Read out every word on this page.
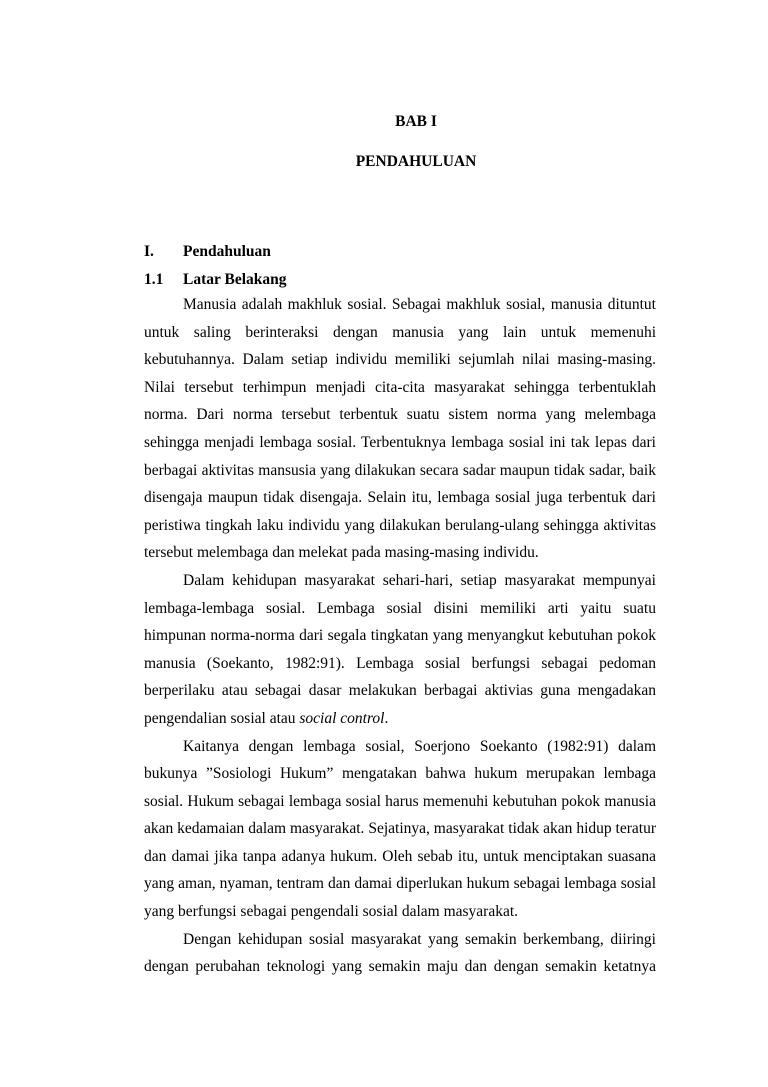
BAB I
PENDAHULUAN
I. Pendahuluan
1.1 Latar Belakang
Manusia adalah makhluk sosial. Sebagai makhluk sosial, manusia dituntut
untuk saling berinteraksi dengan manusia yang lain untuk memenuhi
kebutuhannya. Dalam setiap individu memiliki sejumlah nilai masing-masing.
Nilai tersebut terhimpun menjadi cita-cita masyarakat sehingga terbentuklah
norma. Dari norma tersebut terbentuk suatu sistem norma yang melembaga
sehingga menjadi lembaga sosial. Terbentuknya lembaga sosial ini tak lepas dari
berbagai aktivitas mansusia yang dilakukan secara sadar maupun tidak sadar, baik
disengaja maupun tidak disengaja. Selain itu, lembaga sosial juga terbentuk dari
peristiwa tingkah laku individu yang dilakukan berulang-ulang sehingga aktivitas
tersebut melembaga dan melekat pada masing-masing individu.
Dalam kehidupan masyarakat sehari-hari, setiap masyarakat mempunyai
lembaga-lembaga sosial. Lembaga sosial disini memiliki arti yaitu suatu
himpunan norma-norma dari segala tingkatan yang menyangkut kebutuhan pokok
manusia (Soekanto, 1982:91). Lembaga sosial berfungsi sebagai pedoman
berperilaku atau sebagai dasar melakukan berbagai aktivias guna mengadakan
pengendalian sosial atau social control.
Kaitanya dengan lembaga sosial, Soerjono Soekanto (1982:91) dalam
bukunya ”Sosiologi Hukum” mengatakan bahwa hukum merupakan lembaga
sosial. Hukum sebagai lembaga sosial harus memenuhi kebutuhan pokok manusia
akan kedamaian dalam masyarakat. Sejatinya, masyarakat tidak akan hidup teratur
dan damai jika tanpa adanya hukum. Oleh sebab itu, untuk menciptakan suasana
yang aman, nyaman, tentram dan damai diperlukan hukum sebagai lembaga sosial
yang berfungsi sebagai pengendali sosial dalam masyarakat.
Dengan kehidupan sosial masyarakat yang semakin berkembang, diiringi
dengan perubahan teknologi yang semakin maju dan dengan semakin ketatnya
